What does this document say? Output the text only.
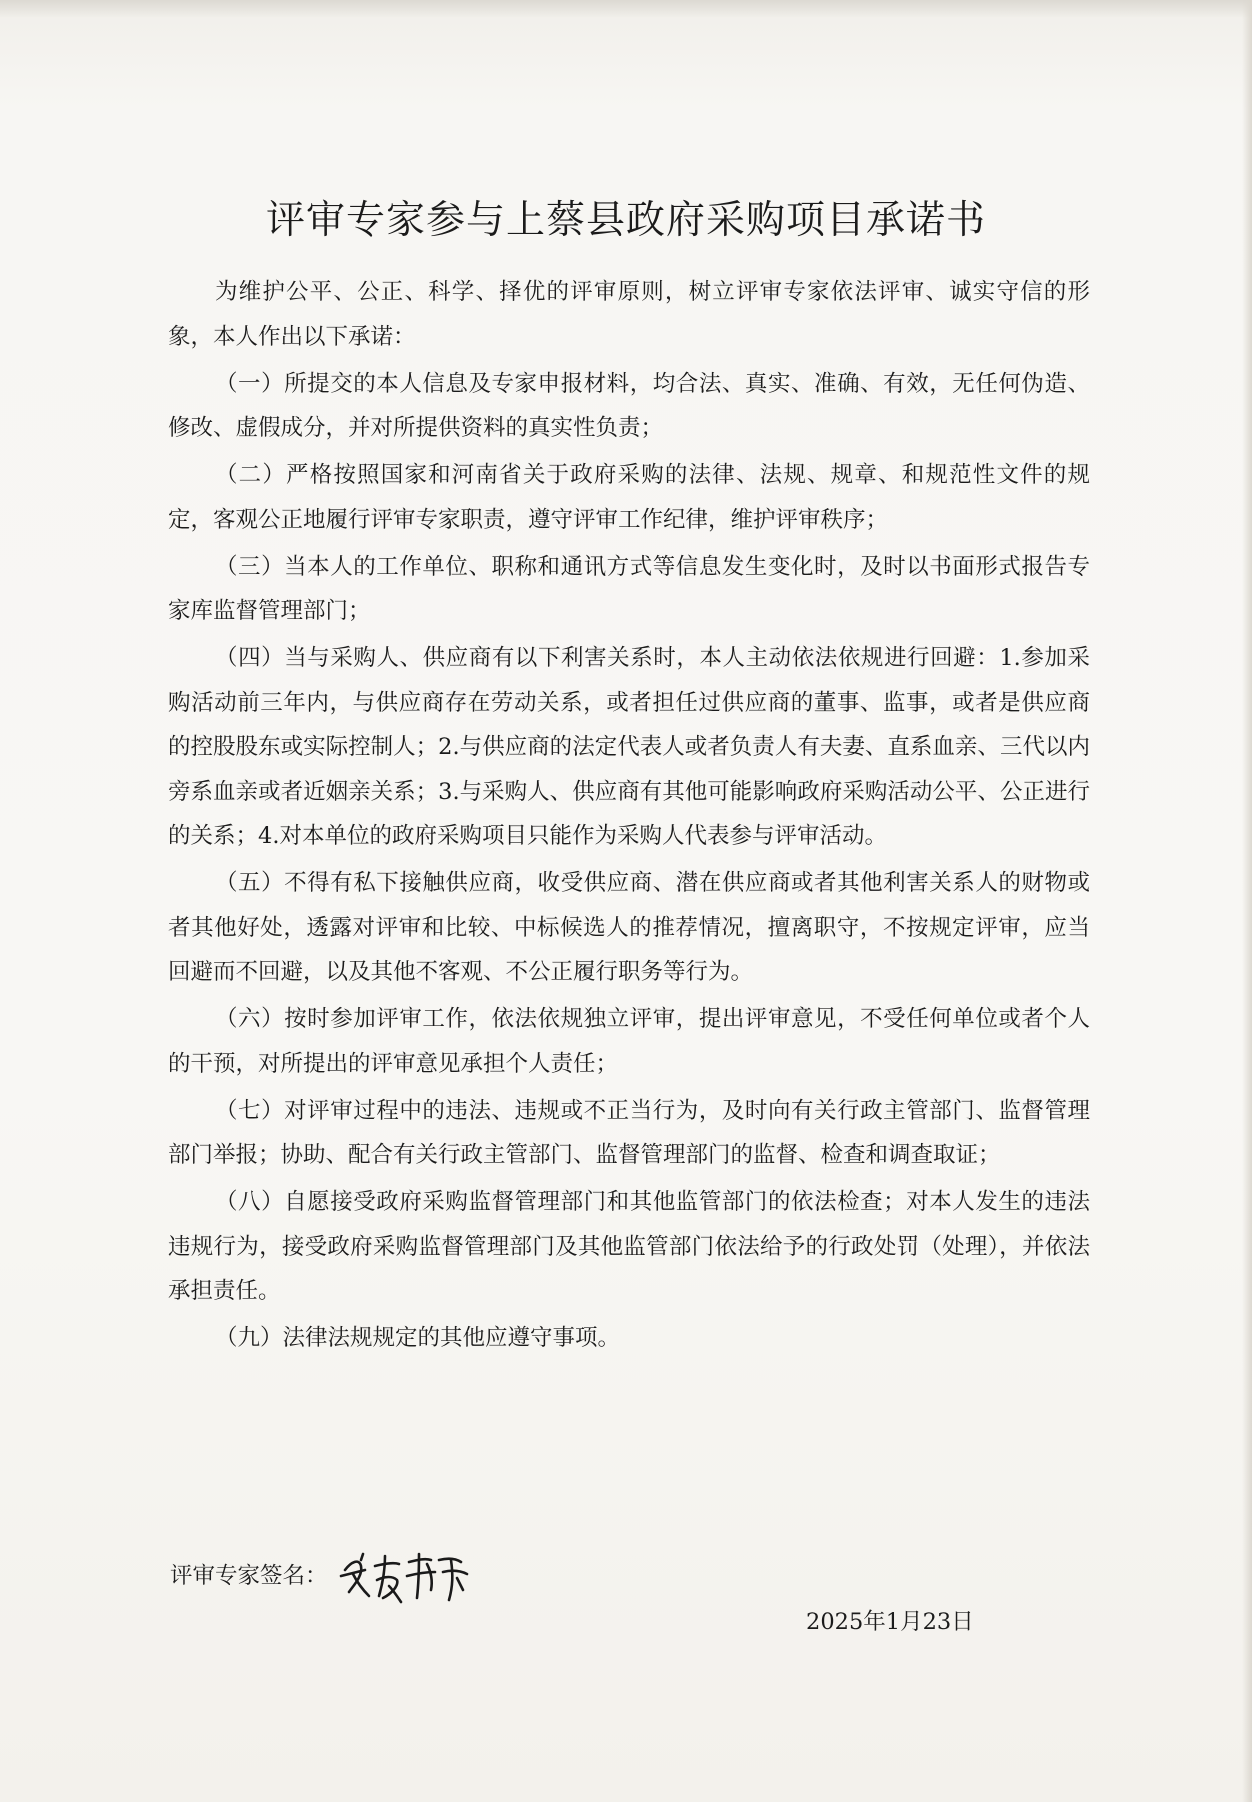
评审专家参与上蔡县政府采购项目承诺书

为维护公平、公正、科学、择优的评审原则，树立评审专家依法评审、诚实守信的形象，本人作出以下承诺：

（一）所提交的本人信息及专家申报材料，均合法、真实、准确、有效，无任何伪造、修改、虚假成分，并对所提供资料的真实性负责；

（二）严格按照国家和河南省关于政府采购的法律、法规、规章、和规范性文件的规定，客观公正地履行评审专家职责，遵守评审工作纪律，维护评审秩序；

（三）当本人的工作单位、职称和通讯方式等信息发生变化时，及时以书面形式报告专家库监督管理部门；

（四）当与采购人、供应商有以下利害关系时，本人主动依法依规进行回避：1.参加采购活动前三年内，与供应商存在劳动关系，或者担任过供应商的董事、监事，或者是供应商的控股股东或实际控制人；2.与供应商的法定代表人或者负责人有夫妻、直系血亲、三代以内旁系血亲或者近姻亲关系；3.与采购人、供应商有其他可能影响政府采购活动公平、公正进行的关系；4.对本单位的政府采购项目只能作为采购人代表参与评审活动。

（五）不得有私下接触供应商，收受供应商、潜在供应商或者其他利害关系人的财物或者其他好处，透露对评审和比较、中标候选人的推荐情况，擅离职守，不按规定评审，应当回避而不回避，以及其他不客观、不公正履行职务等行为。

（六）按时参加评审工作，依法依规独立评审，提出评审意见，不受任何单位或者个人的干预，对所提出的评审意见承担个人责任；

（七）对评审过程中的违法、违规或不正当行为，及时向有关行政主管部门、监督管理部门举报；协助、配合有关行政主管部门、监督管理部门的监督、检查和调查取证；

（八）自愿接受政府采购监督管理部门和其他监管部门的依法检查；对本人发生的违法违规行为，接受政府采购监督管理部门及其他监管部门依法给予的行政处罚（处理），并依法承担责任。

（九）法律法规规定的其他应遵守事项。

评审专家签名：
2025年1月23日
